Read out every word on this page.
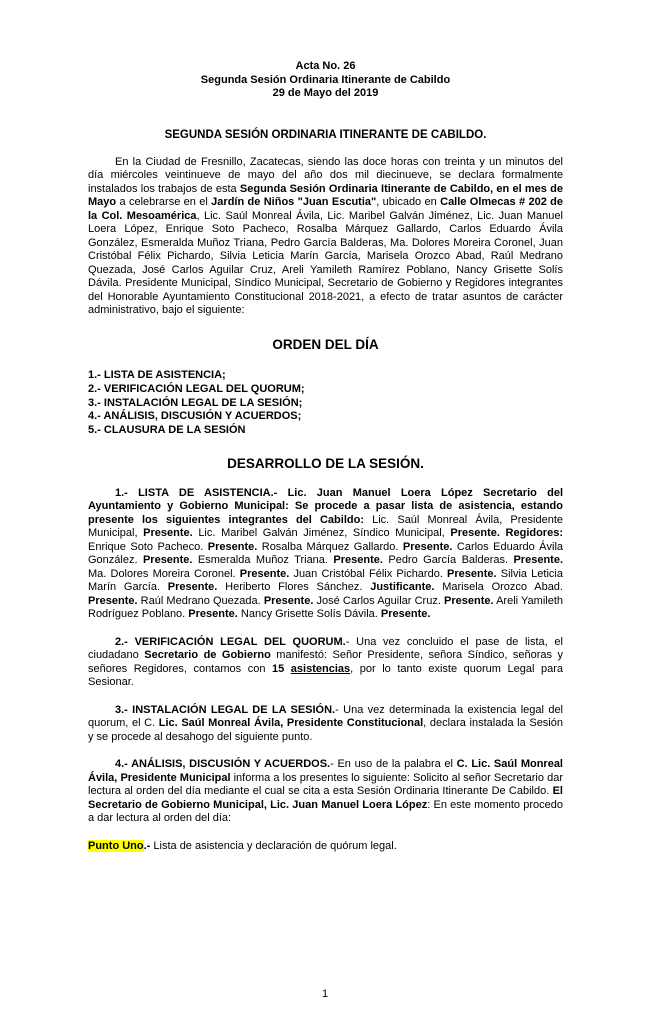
Acta No. 26
Segunda Sesión Ordinaria Itinerante de Cabildo
29 de Mayo del 2019
SEGUNDA SESIÓN ORDINARIA ITINERANTE DE CABILDO.

En la Ciudad de Fresnillo, Zacatecas, siendo las doce horas con treinta y un minutos del día miércoles veintinueve de mayo del año dos mil diecinueve, se declara formalmente instalados los trabajos de esta Segunda Sesión Ordinaria Itinerante de Cabildo, en el mes de Mayo a celebrarse en el Jardín de Niños "Juan Escutia", ubicado en Calle Olmecas # 202 de la Col. Mesoamérica, Lic. Saúl Monreal Ávila, Lic. Maribel Galván Jiménez, Lic. Juan Manuel Loera López, Enrique Soto Pacheco, Rosalba Márquez Gallardo, Carlos Eduardo Ávila González, Esmeralda Muñoz Triana, Pedro García Balderas, Ma. Dolores Moreira Coronel, Juan Cristóbal Félix Pichardo, Silvia Leticia Marín García, Marisela Orozco Abad, Raúl Medrano Quezada, José Carlos Aguilar Cruz, Areli Yamileth Ramírez Poblano, Nancy Grisette Solís Dávila. Presidente Municipal, Síndico Municipal, Secretario de Gobierno y Regidores integrantes del Honorable Ayuntamiento Constitucional 2018-2021, a efecto de tratar asuntos de carácter administrativo, bajo el siguiente:

ORDEN DEL DÍA
1.- LISTA DE ASISTENCIA;
2.- VERIFICACIÓN LEGAL DEL QUORUM;
3.- INSTALACIÓN LEGAL DE LA SESIÓN;
4.- ANÁLISIS, DISCUSIÓN Y ACUERDOS;
5.- CLAUSURA DE LA SESIÓN
DESARROLLO DE LA SESIÓN.

1.- LISTA DE ASISTENCIA.- Lic. Juan Manuel Loera López Secretario del Ayuntamiento y Gobierno Municipal: Se procede a pasar lista de asistencia, estando presente los siguientes integrantes del Cabildo: Lic. Saúl Monreal Ávila, Presidente Municipal, Presente. Lic. Maribel Galván Jiménez, Síndico Municipal, Presente. Regidores: Enrique Soto Pacheco. Presente. Rosalba Márquez Gallardo. Presente. Carlos Eduardo Ávila González. Presente. Esmeralda Muñoz Triana. Presente. Pedro García Balderas. Presente. Ma. Dolores Moreira Coronel. Presente. Juan Cristóbal Félix Pichardo. Presente. Silvia Leticia Marín García. Presente. Heriberto Flores Sánchez. Justificante. Marisela Orozco Abad. Presente. Raúl Medrano Quezada. Presente. José Carlos Aguilar Cruz. Presente. Areli Yamileth Rodríguez Poblano. Presente. Nancy Grisette Solís Dávila. Presente.

2.- VERIFICACIÓN LEGAL DEL QUORUM.- Una vez concluido el pase de lista, el ciudadano Secretario de Gobierno manifestó: Señor Presidente, señora Síndico, señoras y señores Regidores, contamos con 15 asistencias, por lo tanto existe quorum Legal para Sesionar.

3.- INSTALACIÓN LEGAL DE LA SESIÓN.- Una vez determinada la existencia legal del quorum, el C. Lic. Saúl Monreal Ávila, Presidente Constitucional, declara instalada la Sesión y se procede al desahogo del siguiente punto.

4.- ANÁLISIS, DISCUSIÓN Y ACUERDOS.- En uso de la palabra el C. Lic. Saúl Monreal Ávila, Presidente Municipal informa a los presentes lo siguiente: Solicito al señor Secretario dar lectura al orden del día mediante el cual se cita a esta Sesión Ordinaria Itinerante De Cabildo. El Secretario de Gobierno Municipal, Lic. Juan Manuel Loera López: En este momento procedo a dar lectura al orden del día:

Punto Uno.- Lista de asistencia y declaración de quórum legal.

1
